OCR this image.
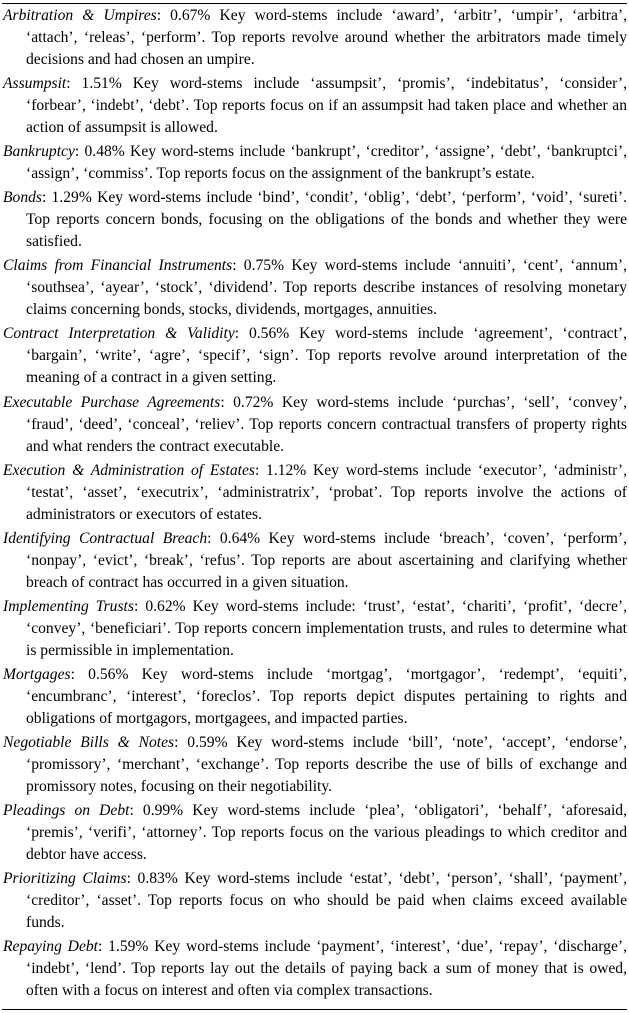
Arbitration & Umpires: 0.67% Key word-stems include ‘award’, ‘arbitr’, ‘umpir’, ‘arbitra’, ‘attach’, ‘releas’, ‘perform’. Top reports revolve around whether the arbitrators made timely decisions and had chosen an umpire.

Assumpsit: 1.51% Key word-stems include ‘assumpsit’, ‘promis’, ‘indebitatus’, ‘consider’, ‘forbear’, ‘indebt’, ‘debt’. Top reports focus on if an assumpsit had taken place and whether an action of assumpsit is allowed.

Bankruptcy: 0.48% Key word-stems include ‘bankrupt’, ‘creditor’, ‘assigne’, ‘debt’, ‘bankruptci’, ‘assign’, ‘commiss’. Top reports focus on the assignment of the bankrupt’s estate.

Bonds: 1.29% Key word-stems include ‘bind’, ‘condit’, ‘oblig’, ‘debt’, ‘perform’, ‘void’, ‘sureti’. Top reports concern bonds, focusing on the obligations of the bonds and whether they were satisfied.

Claims from Financial Instruments: 0.75% Key word-stems include ‘annuiti’, ‘cent’, ‘annum’, ‘southsea’, ‘ayear’, ‘stock’, ‘dividend’. Top reports describe instances of resolving monetary claims concerning bonds, stocks, dividends, mortgages, annuities.

Contract Interpretation & Validity: 0.56% Key word-stems include ‘agreement’, ‘contract’, ‘bargain’, ‘write’, ‘agre’, ‘specif’, ‘sign’. Top reports revolve around interpretation of the meaning of a contract in a given setting.

Executable Purchase Agreements: 0.72% Key word-stems include ‘purchas’, ‘sell’, ‘convey’, ‘fraud’, ‘deed’, ‘conceal’, ‘reliev’. Top reports concern contractual transfers of property rights and what renders the contract executable.

Execution & Administration of Estates: 1.12% Key word-stems include ‘executor’, ‘administr’, ‘testat’, ‘asset’, ‘executrix’, ‘administratrix’, ‘probat’. Top reports involve the actions of administrators or executors of estates.

Identifying Contractual Breach: 0.64% Key word-stems include ‘breach’, ‘coven’, ‘perform’, ‘nonpay’, ‘evict’, ‘break’, ‘refus’. Top reports are about ascertaining and clarifying whether breach of contract has occurred in a given situation.

Implementing Trusts: 0.62% Key word-stems include: ‘trust’, ‘estat’, ‘chariti’, ‘profit’, ‘decre’, ‘convey’, ‘beneficiari’. Top reports concern implementation trusts, and rules to determine what is permissible in implementation.

Mortgages: 0.56% Key word-stems include ‘mortgag’, ‘mortgagor’, ‘redempt’, ‘equiti’, ‘encumbranc’, ‘interest’, ‘foreclos’. Top reports depict disputes pertaining to rights and obligations of mortgagors, mortgagees, and impacted parties.

Negotiable Bills & Notes: 0.59% Key word-stems include ‘bill’, ‘note’, ‘accept’, ‘endorse’, ‘promissory’, ‘merchant’, ‘exchange’. Top reports describe the use of bills of exchange and promissory notes, focusing on their negotiability.

Pleadings on Debt: 0.99% Key word-stems include ‘plea’, ‘obligatori’, ‘behalf’, ‘aforesaid, ‘premis’, ‘verifi’, ‘attorney’. Top reports focus on the various pleadings to which creditor and debtor have access.

Prioritizing Claims: 0.83% Key word-stems include ‘estat’, ‘debt’, ‘person’, ‘shall’, ‘payment’, ‘creditor’, ‘asset’. Top reports focus on who should be paid when claims exceed available funds.

Repaying Debt: 1.59% Key word-stems include ‘payment’, ‘interest’, ‘due’, ‘repay’, ‘discharge’, ‘indebt’, ‘lend’. Top reports lay out the details of paying back a sum of money that is owed, often with a focus on interest and often via complex transactions.
